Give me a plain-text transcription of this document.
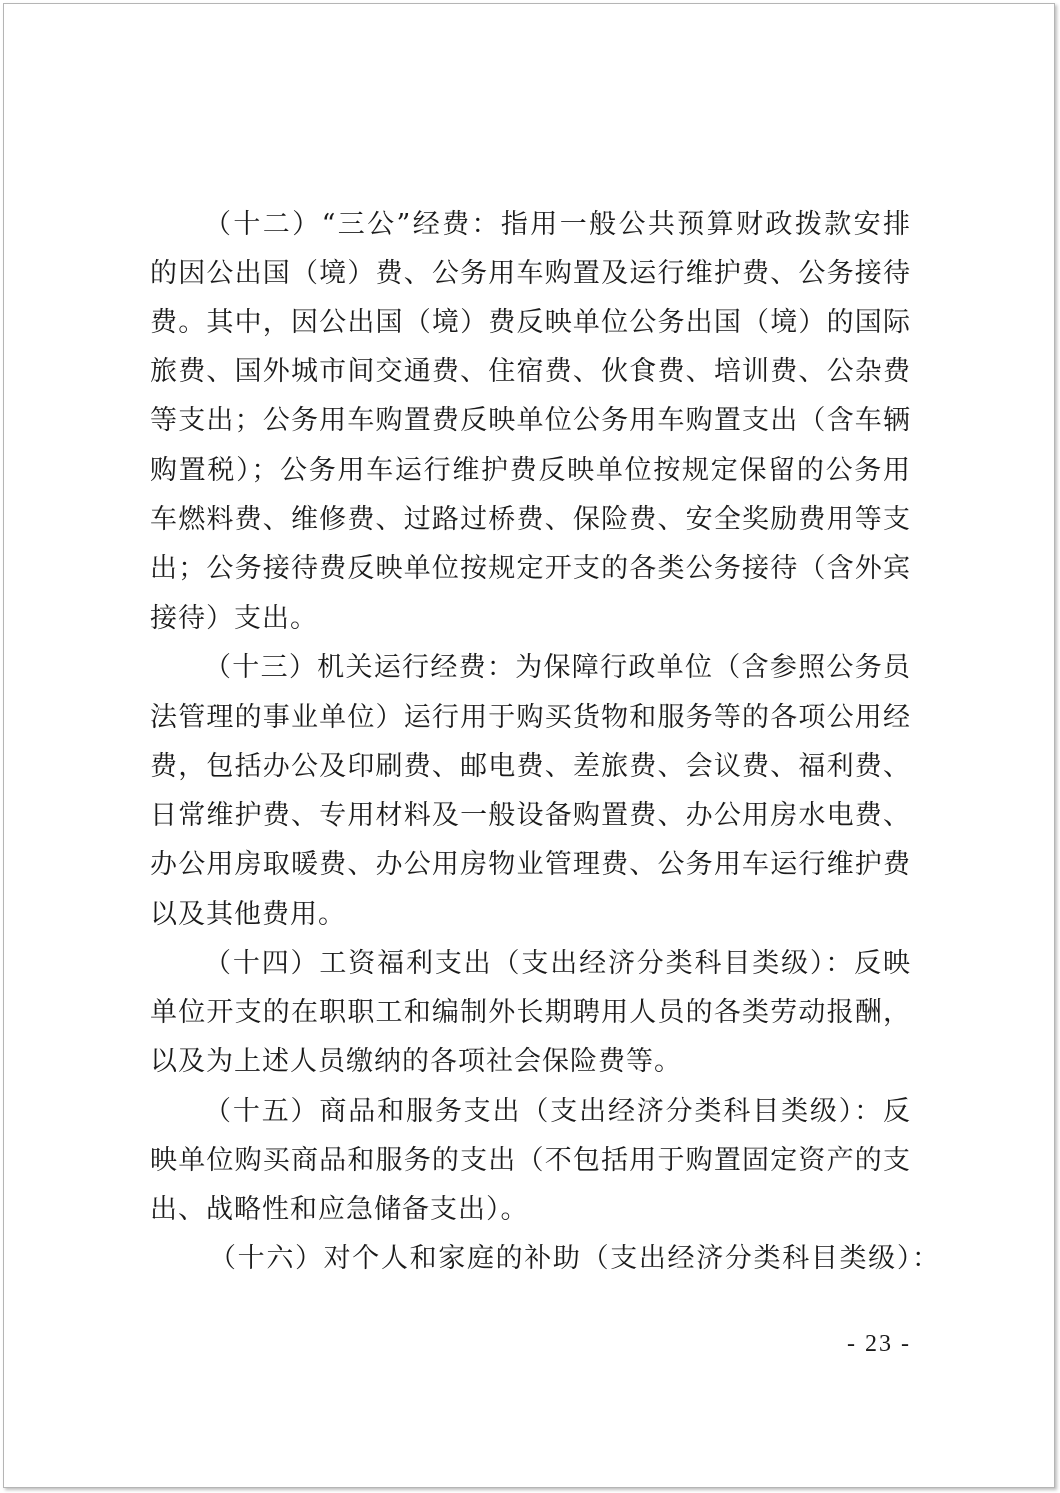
（十二）“三公”经费：指用一般公共预算财政拨款安排
的因公出国（境）费、公务用车购置及运行维护费、公务接待
费。其中，因公出国（境）费反映单位公务出国（境）的国际
旅费、国外城市间交通费、住宿费、伙食费、培训费、公杂费
等支出；公务用车购置费反映单位公务用车购置支出（含车辆
购置税）；公务用车运行维护费反映单位按规定保留的公务用
车燃料费、维修费、过路过桥费、保险费、安全奖励费用等支
出；公务接待费反映单位按规定开支的各类公务接待（含外宾
接待）支出。
（十三）机关运行经费：为保障行政单位（含参照公务员
法管理的事业单位）运行用于购买货物和服务等的各项公用经
费，包括办公及印刷费、邮电费、差旅费、会议费、福利费、
日常维护费、专用材料及一般设备购置费、办公用房水电费、
办公用房取暖费、办公用房物业管理费、公务用车运行维护费
以及其他费用。
（十四）工资福利支出（支出经济分类科目类级）：反映
单位开支的在职职工和编制外长期聘用人员的各类劳动报酬，
以及为上述人员缴纳的各项社会保险费等。
（十五）商品和服务支出（支出经济分类科目类级）：反
映单位购买商品和服务的支出（不包括用于购置固定资产的支
出、战略性和应急储备支出）。
（十六）对个人和家庭的补助（支出经济分类科目类级）：
- 23 -
